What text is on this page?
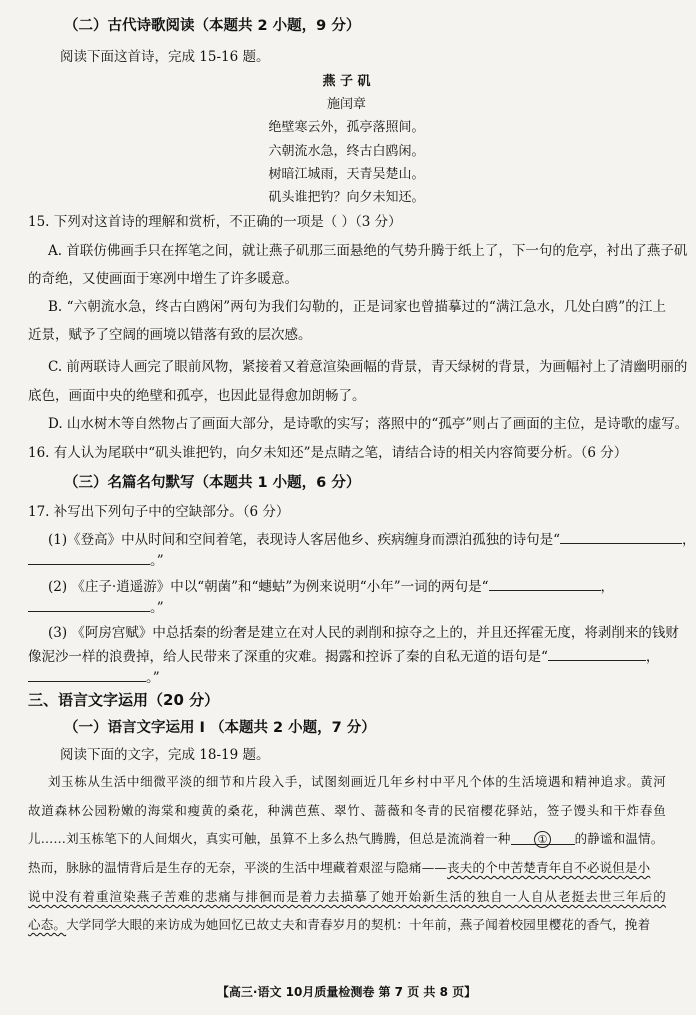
（二）古代诗歌阅读（本题共 2 小题，9 分）
阅读下面这首诗，完成 15-16 题。
燕 子 矶
施闰章
绝壁寒云外，孤亭落照间。
六朝流水急，终古白鸥闲。
树暗江城雨，天青吴楚山。
矶头谁把钓？向夕未知还。
15. 下列对这首诗的理解和赏析，不正确的一项是（ ）（3 分）
A. 首联仿佛画手只在挥笔之间，就让燕子矶那三面悬绝的气势升腾于纸上了，下一句的危亭，衬出了燕子矶
的奇绝，又使画面于寒冽中增生了许多暖意。
B. “六朝流水急，终古白鸥闲”两句为我们勾勒的，正是词家也曾描摹过的“满江急水，几处白鸥”的江上
近景，赋予了空阔的画境以错落有致的层次感。
C. 前两联诗人画完了眼前风物，紧接着又着意渲染画幅的背景，青天绿树的背景，为画幅衬上了清幽明丽的
底色，画面中央的绝壁和孤亭，也因此显得愈加朗畅了。
D. 山水树木等自然物占了画面大部分，是诗歌的实写；落照中的“孤亭”则占了画面的主位，是诗歌的虚写。
16. 有人认为尾联中“矶头谁把钓，向夕未知还”是点睛之笔，请结合诗的相关内容简要分析。（6 分）
（三）名篇名句默写（本题共 1 小题，6 分）
17. 补写出下列句子中的空缺部分。（6 分）
(1)《登高》中从时间和空间着笔，表现诗人客居他乡、疾病缠身而漂泊孤独的诗句是“	，
。”
(2) 《庄子·逍遥游》中以“朝菌”和“蟪蛄”为例来说明“小年”一词的两句是“	，
。”
(3) 《阿房宫赋》中总括秦的纷奢是建立在对人民的剥削和掠夺之上的，并且还挥霍无度，将剥削来的钱财
像泥沙一样的浪费掉，给人民带来了深重的灾难。揭露和控诉了秦的自私无道的语句是“	，
。”
三、语言文字运用（20 分）
（一）语言文字运用 Ⅰ （本题共 2 小题，7 分）
阅读下面的文字，完成 18-19 题。
刘玉栋从生活中细微平淡的细节和片段入手，试图刻画近几年乡村中平凡个体的生活境遇和精神追求。黄河
故道森林公园粉嫩的海棠和瘦黄的桑花，种满芭蕉、翠竹、蔷薇和冬青的民宿樱花驿站，签子馒头和干炸春鱼
儿……刘玉栋笔下的人间烟火，真实可触，虽算不上多么热气腾腾，但总是流淌着一种 ① 的静谧和温情。
热而，脉脉的温情背后是生存的无奈，平淡的生活中埋藏着艰涩与隐痛——丧夫的个中苦楚青年自不必说但是小
说中没有着重渲染燕子苦难的悲痛与排徊而是着力去描摹了她开始新生活的独自一人自从老挺去世三年后的
心态。大学同学大眼的来访成为她回忆已故丈夫和青春岁月的契机：十年前，燕子闻着校园里樱花的香气，挽着
【高三·语文 10月质量检测卷 第 7 页 共 8 页】
